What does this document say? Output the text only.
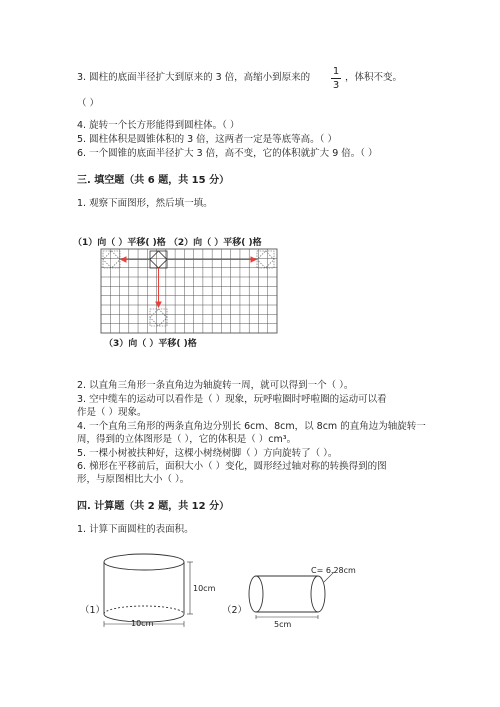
3. 圆柱的底面半径扩大到原来的 3 倍，高缩小到原来的
1
3
，体积不变。
（ ）
4. 旋转一个长方形能得到圆柱体。（ ）
5. 圆柱体积是圆锥体积的 3 倍，这两者一定是等底等高。（ ）
6. 一个圆锥的底面半径扩大 3 倍，高不变，它的体积就扩大 9 倍。（ ）
三. 填空题（共 6 题，共 15 分）
1. 观察下面图形，然后填一填。
（1）向（ ）平移( )格 （2）向（ ）平移( )格
（3）向（ ）平移( )格
2. 以直角三角形一条直角边为轴旋转一周，就可以得到一个（ ）。
3. 空中缆车的运动可以看作是（ ）现象，玩呼啦圈时呼啦圈的运动可以看
作是（ ）现象。
4. 一个直角三角形的两条直角边分别长 6cm、8cm，以 8cm 的直角边为轴旋转一
周，得到的立体图形是（ ），它的体积是（ ）cm³。
5. 一棵小树被扶种好，这棵小树绕树脚（ ）方向旋转了（ ）。
6. 梯形在平移前后，面积大小（ ）变化，圆形经过轴对称的转换得到的图
形，与原图相比大小（ ）。
四. 计算题（共 2 题，共 12 分）
1. 计算下面圆柱的表面积。
（1）
10cm
10cm
（2）
C= 6.28cm
5cm
